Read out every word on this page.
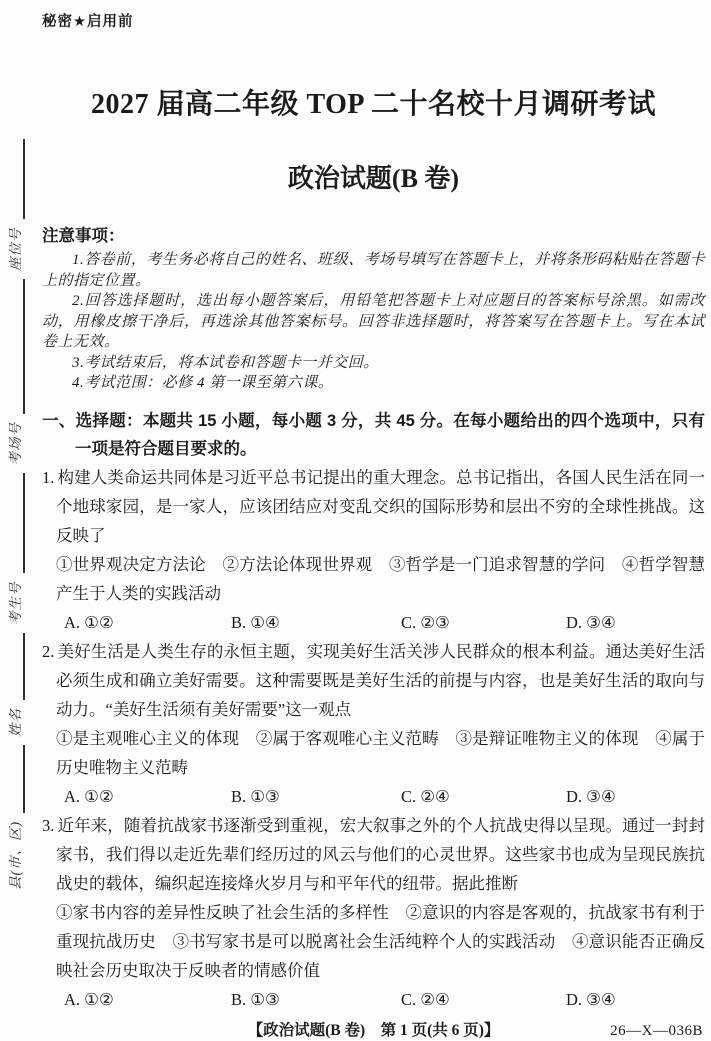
县(市、区)
姓名
考生号
考场号
座位号
秘密★启用前
2027 届高二年级 TOP 二十名校十月调研考试
政治试题(B 卷)
注意事项：

1.答卷前，考生务必将自己的姓名、班级、考场号填写在答题卡上，并将条形码粘贴在答题卡上的指定位置。

2.回答选择题时，选出每小题答案后，用铅笔把答题卡上对应题目的答案标号涂黑。如需改动，用橡皮擦干净后，再选涂其他答案标号。回答非选择题时，将答案写在答题卡上。写在本试卷上无效。

3.考试结束后，将本试卷和答题卡一并交回。

4.考试范围：必修 4 第一课至第六课。

一、选择题：本题共 15 小题，每小题 3 分，共 45 分。在每小题给出的四个选项中，只有一项是符合题目要求的。

1. 构建人类命运共同体是习近平总书记提出的重大理念。总书记指出，各国人民生活在同一个地球家园，是一家人，应该团结应对变乱交织的国际形势和层出不穷的全球性挑战。这反映了

①世界观决定方法论　②方法论体现世界观　③哲学是一门追求智慧的学问　④哲学智慧产生于人类的实践活动

A. ①②	B. ①④	C. ②③	D. ③④

2. 美好生活是人类生存的永恒主题，实现美好生活关涉人民群众的根本利益。通达美好生活必须生成和确立美好需要。这种需要既是美好生活的前提与内容，也是美好生活的取向与动力。“美好生活须有美好需要”这一观点

①是主观唯心主义的体现　②属于客观唯心主义范畴　③是辩证唯物主义的体现　④属于历史唯物主义范畴

A. ①②	B. ①③	C. ②④	D. ③④

3. 近年来，随着抗战家书逐渐受到重视，宏大叙事之外的个人抗战史得以呈现。通过一封封家书，我们得以走近先辈们经历过的风云与他们的心灵世界。这些家书也成为呈现民族抗战史的载体，编织起连接烽火岁月与和平年代的纽带。据此推断

①家书内容的差异性反映了社会生活的多样性　②意识的内容是客观的，抗战家书有利于重现抗战历史　③书写家书是可以脱离社会生活纯粹个人的实践活动　④意识能否正确反映社会历史取决于反映者的情感价值

A. ①②	B. ①③	C. ②④	D. ③④
【政治试题(B 卷)　第 1 页(共 6 页)】	26—X—036B
